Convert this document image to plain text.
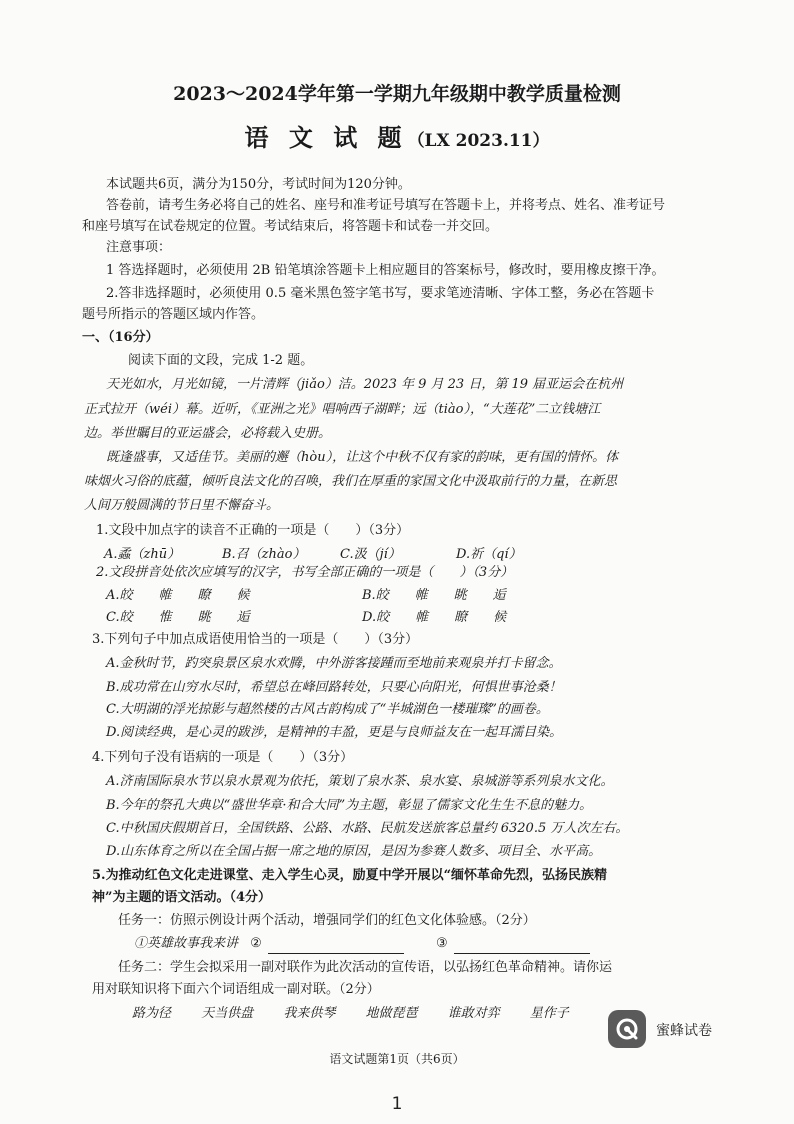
2023～2024学年第一学期九年级期中教学质量检测
语 文 试 题（LX 2023.11）
本试题共6页，满分为150分，考试时间为120分钟。
答卷前，请考生务必将自己的姓名、座号和准考证号填写在答题卡上，并将考点、姓名、准考证号
和座号填写在试卷规定的位置。考试结束后，将答题卡和试卷一并交回。
注意事项：
1 答选择题时，必须使用 2B 铅笔填涂答题卡上相应题目的答案标号，修改时，要用橡皮擦干净。
2.答非选择题时，必须使用 0.5 毫米黑色签字笔书写，要求笔迹清晰、字体工整，务必在答题卡
题号所指示的答题区域内作答。
一、（16分）
阅读下面的文段，完成 1-2 题。
天光如水，月光如镜，一片清辉（jiǎo）洁。2023 年 9 月 23 日，第 19 届亚运会在杭州
正式拉开（wéi）幕。近听，《亚洲之光》唱响西子湖畔；远（tiào），“大莲花”二立钱塘江
边。举世瞩目的亚运盛会，必将载入史册。
既逢盛事，又适佳节。美丽的邂（hòu），让这个中秋不仅有家的韵味，更有国的情怀。体
味烟火习俗的底蕴，倾听良法文化的召唤，我们在厚重的家国文化中汲取前行的力量，在新思
人间万般圆满的节日里不懈奋斗。
1.文段中加点字的读音不正确的一项是（　　）（3分）
A.蟊（zhū）	B.召（zhào）	C.汲（jí）	D.祈（qí）
2.文段拼音处依次应填写的汉字，书写全部正确的一项是（　　）（3分）
A.皎　　帷　　瞭　　候	B.皎　　帷　　眺　　逅
C.皎　　惟　　眺　　逅	D.皎　　帷　　瞭　　候
3.下列句子中加点成语使用恰当的一项是（　　）（3分）
A.金秋时节，趵突泉景区泉水欢腾，中外游客接踵而至地前来观泉并打卡留念。
B.成功常在山穷水尽时，希望总在峰回路转处，只要心向阳光，何惧世事沧桑！
C.大明湖的浮光掠影与超然楼的古风古韵构成了“半城湖色一楼璀璨”的画卷。
D.阅读经典，是心灵的跋涉，是精神的丰盈，更是与良师益友在一起耳濡目染。
4.下列句子没有语病的一项是（　　）（3分）
A.济南国际泉水节以泉水景观为依托，策划了泉水茶、泉水宴、泉城游等系列泉水文化。
B.今年的祭孔大典以“盛世华章·和合大同”为主题，彰显了儒家文化生生不息的魅力。
C.中秋国庆假期首日，全国铁路、公路、水路、民航发送旅客总量约 6320.5 万人次左右。
D.山东体育之所以在全国占据一席之地的原因，是因为参赛人数多、项目全、水平高。
5.为推动红色文化走进课堂、走入学生心灵，励夏中学开展以“缅怀革命先烈，弘扬民族精
神”为主题的语文活动。（4分）
任务一：仿照示例设计两个活动，增强同学们的红色文化体验感。（2分）
①英雄故事我来讲 ②	③
任务二：学生会拟采用一副对联作为此次活动的宣传语，以弘扬红色革命精神。请你运
用对联知识将下面六个词语组成一副对联。（2分）
路为径 天当供盘 我来供琴 地做琵琶 谁敢对弈 星作子
蜜蜂试卷
语文试题第1页（共6页）
1
